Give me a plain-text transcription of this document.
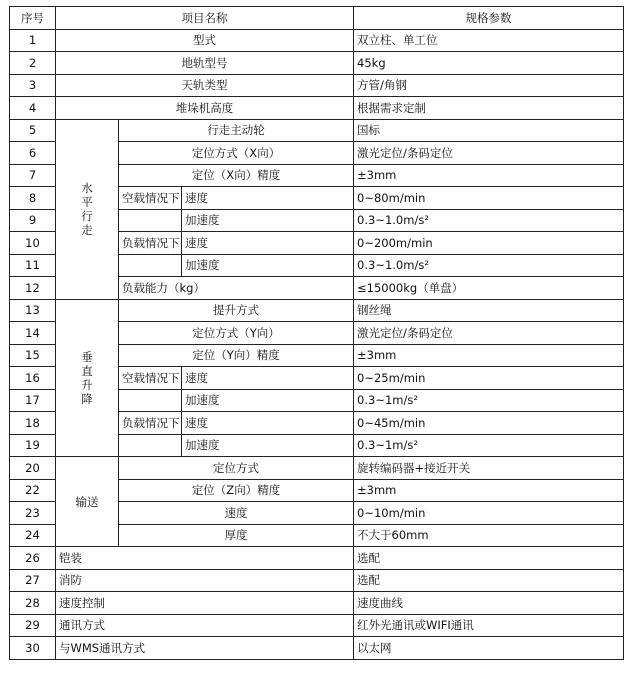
序号	项目名称			规格参数
1	型式			双立柱、单工位
2	地轨型号			45kg
3	天轨类型			方管/角钢
4	堆垛机高度			根据需求定制
5	水平行走	行走主动轮		国标
6		定位方式（X向）		激光定位/条码定位
7		定位（X向）精度		±3mm
8		空载情况下	速度	0~80m/min
9			加速度	0.3~1.0m/s²
10		负载情况下	速度	0~200m/min
11			加速度	0.3~1.0m/s²
12		负载能力（kg）		≤15000kg（单盘）
13	垂直升降	提升方式		钢丝绳
14		定位方式（Y向）		激光定位/条码定位
15		定位（Y向）精度		±3mm
16		空载情况下	速度	0~25m/min
17			加速度	0.3~1m/s²
18		负载情况下	速度	0~45m/min
19			加速度	0.3~1m/s²
20	输送	定位方式		旋转编码器+接近开关
22		定位（Z向）精度		±3mm
23		速度		0~10m/min
24		厚度		不大于60mm
26	铠装			选配
27	消防			选配
28	速度控制			速度曲线
29	通讯方式			红外光通讯或WIFI通讯
30	与WMS通讯方式			以太网
